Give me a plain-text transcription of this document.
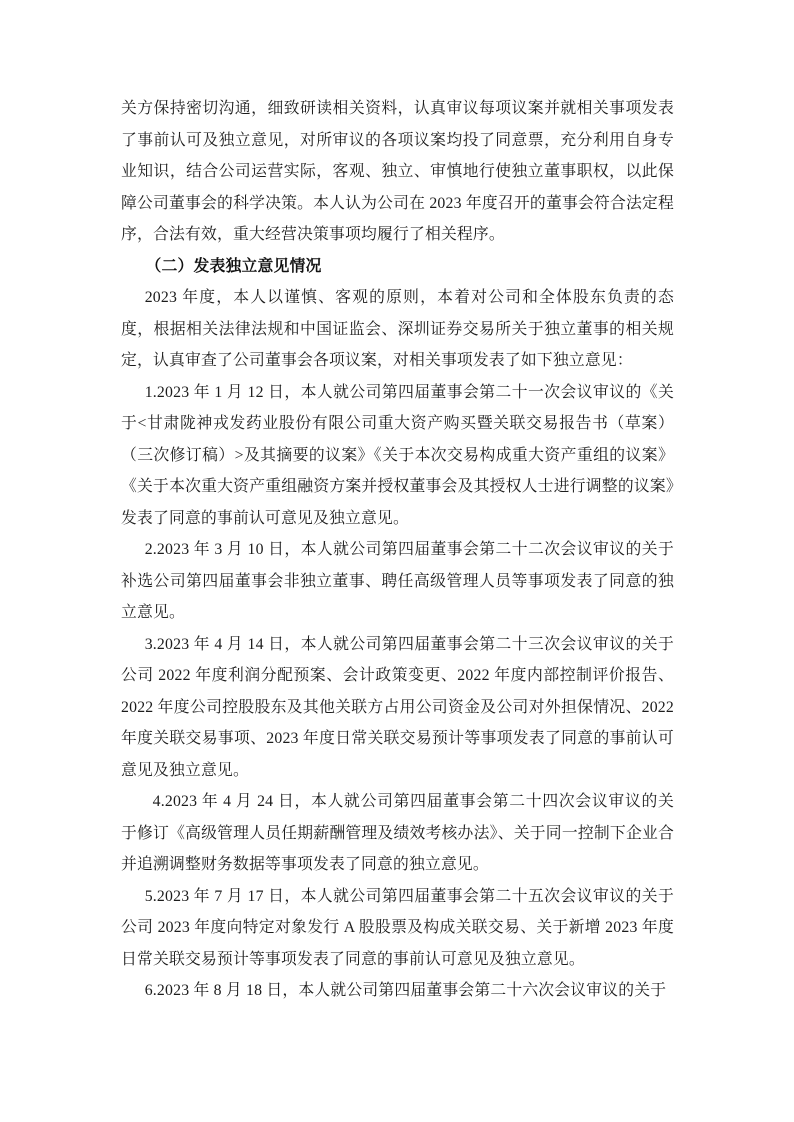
关方保持密切沟通，细致研读相关资料，认真审议每项议案并就相关事项发表了事前认可及独立意见，对所审议的各项议案均投了同意票，充分利用自身专业知识，结合公司运营实际，客观、独立、审慎地行使独立董事职权，以此保障公司董事会的科学决策。本人认为公司在 2023 年度召开的董事会符合法定程序，合法有效，重大经营决策事项均履行了相关程序。

（二）发表独立意见情况

2023 年度，本人以谨慎、客观的原则，本着对公司和全体股东负责的态度，根据相关法律法规和中国证监会、深圳证券交易所关于独立董事的相关规定，认真审查了公司董事会各项议案，对相关事项发表了如下独立意见：

1.2023 年 1 月 12 日，本人就公司第四届董事会第二十一次会议审议的《关于<甘肃陇神戎发药业股份有限公司重大资产购买暨关联交易报告书（草案）（三次修订稿）>及其摘要的议案》《关于本次交易构成重大资产重组的议案》《关于本次重大资产重组融资方案并授权董事会及其授权人士进行调整的议案》发表了同意的事前认可意见及独立意见。

2.2023 年 3 月 10 日，本人就公司第四届董事会第二十二次会议审议的关于补选公司第四届董事会非独立董事、聘任高级管理人员等事项发表了同意的独立意见。

3.2023 年 4 月 14 日，本人就公司第四届董事会第二十三次会议审议的关于公司 2022 年度利润分配预案、会计政策变更、2022 年度内部控制评价报告、2022 年度公司控股股东及其他关联方占用公司资金及公司对外担保情况、2022 年度关联交易事项、2023 年度日常关联交易预计等事项发表了同意的事前认可意见及独立意见。

4.2023 年 4 月 24 日，本人就公司第四届董事会第二十四次会议审议的关于修订《高级管理人员任期薪酬管理及绩效考核办法》、关于同一控制下企业合并追溯调整财务数据等事项发表了同意的独立意见。

5.2023 年 7 月 17 日，本人就公司第四届董事会第二十五次会议审议的关于公司 2023 年度向特定对象发行 A 股股票及构成关联交易、关于新增 2023 年度日常关联交易预计等事项发表了同意的事前认可意见及独立意见。

6.2023 年 8 月 18 日，本人就公司第四届董事会第二十六次会议审议的关于
